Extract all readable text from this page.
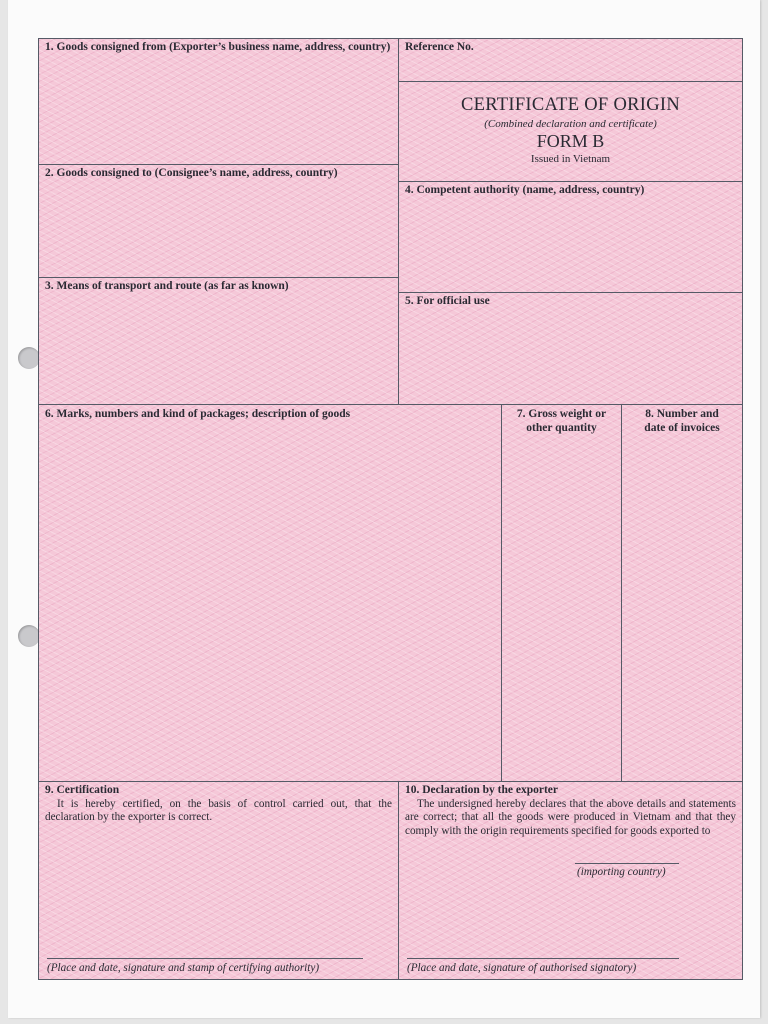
1. Goods consigned from (Exporter’s business name, address, country)	Reference No.
CERTIFICATE OF ORIGIN
(Combined declaration and certificate)
FORM B
Issued in Vietnam
2. Goods consigned to (Consignee’s name, address, country)
4. Competent authority (name, address, country)
3. Means of transport and route (as far as known)
5. For official use
6. Marks, numbers and kind of packages; description of goods	7. Gross weight or other quantity
8. Number and date of invoices
9. Certification
It is hereby certified, on the basis of control carried out, that the declaration by the exporter is correct.
(Place and date, signature and stamp of certifying authority)
10. Declaration by the exporter
The undersigned hereby declares that the above details and statements are correct; that all the goods were produced in Vietnam and that they comply with the origin requirements specified for goods exported to
(importing country)
(Place and date, signature of authorised signatory)
